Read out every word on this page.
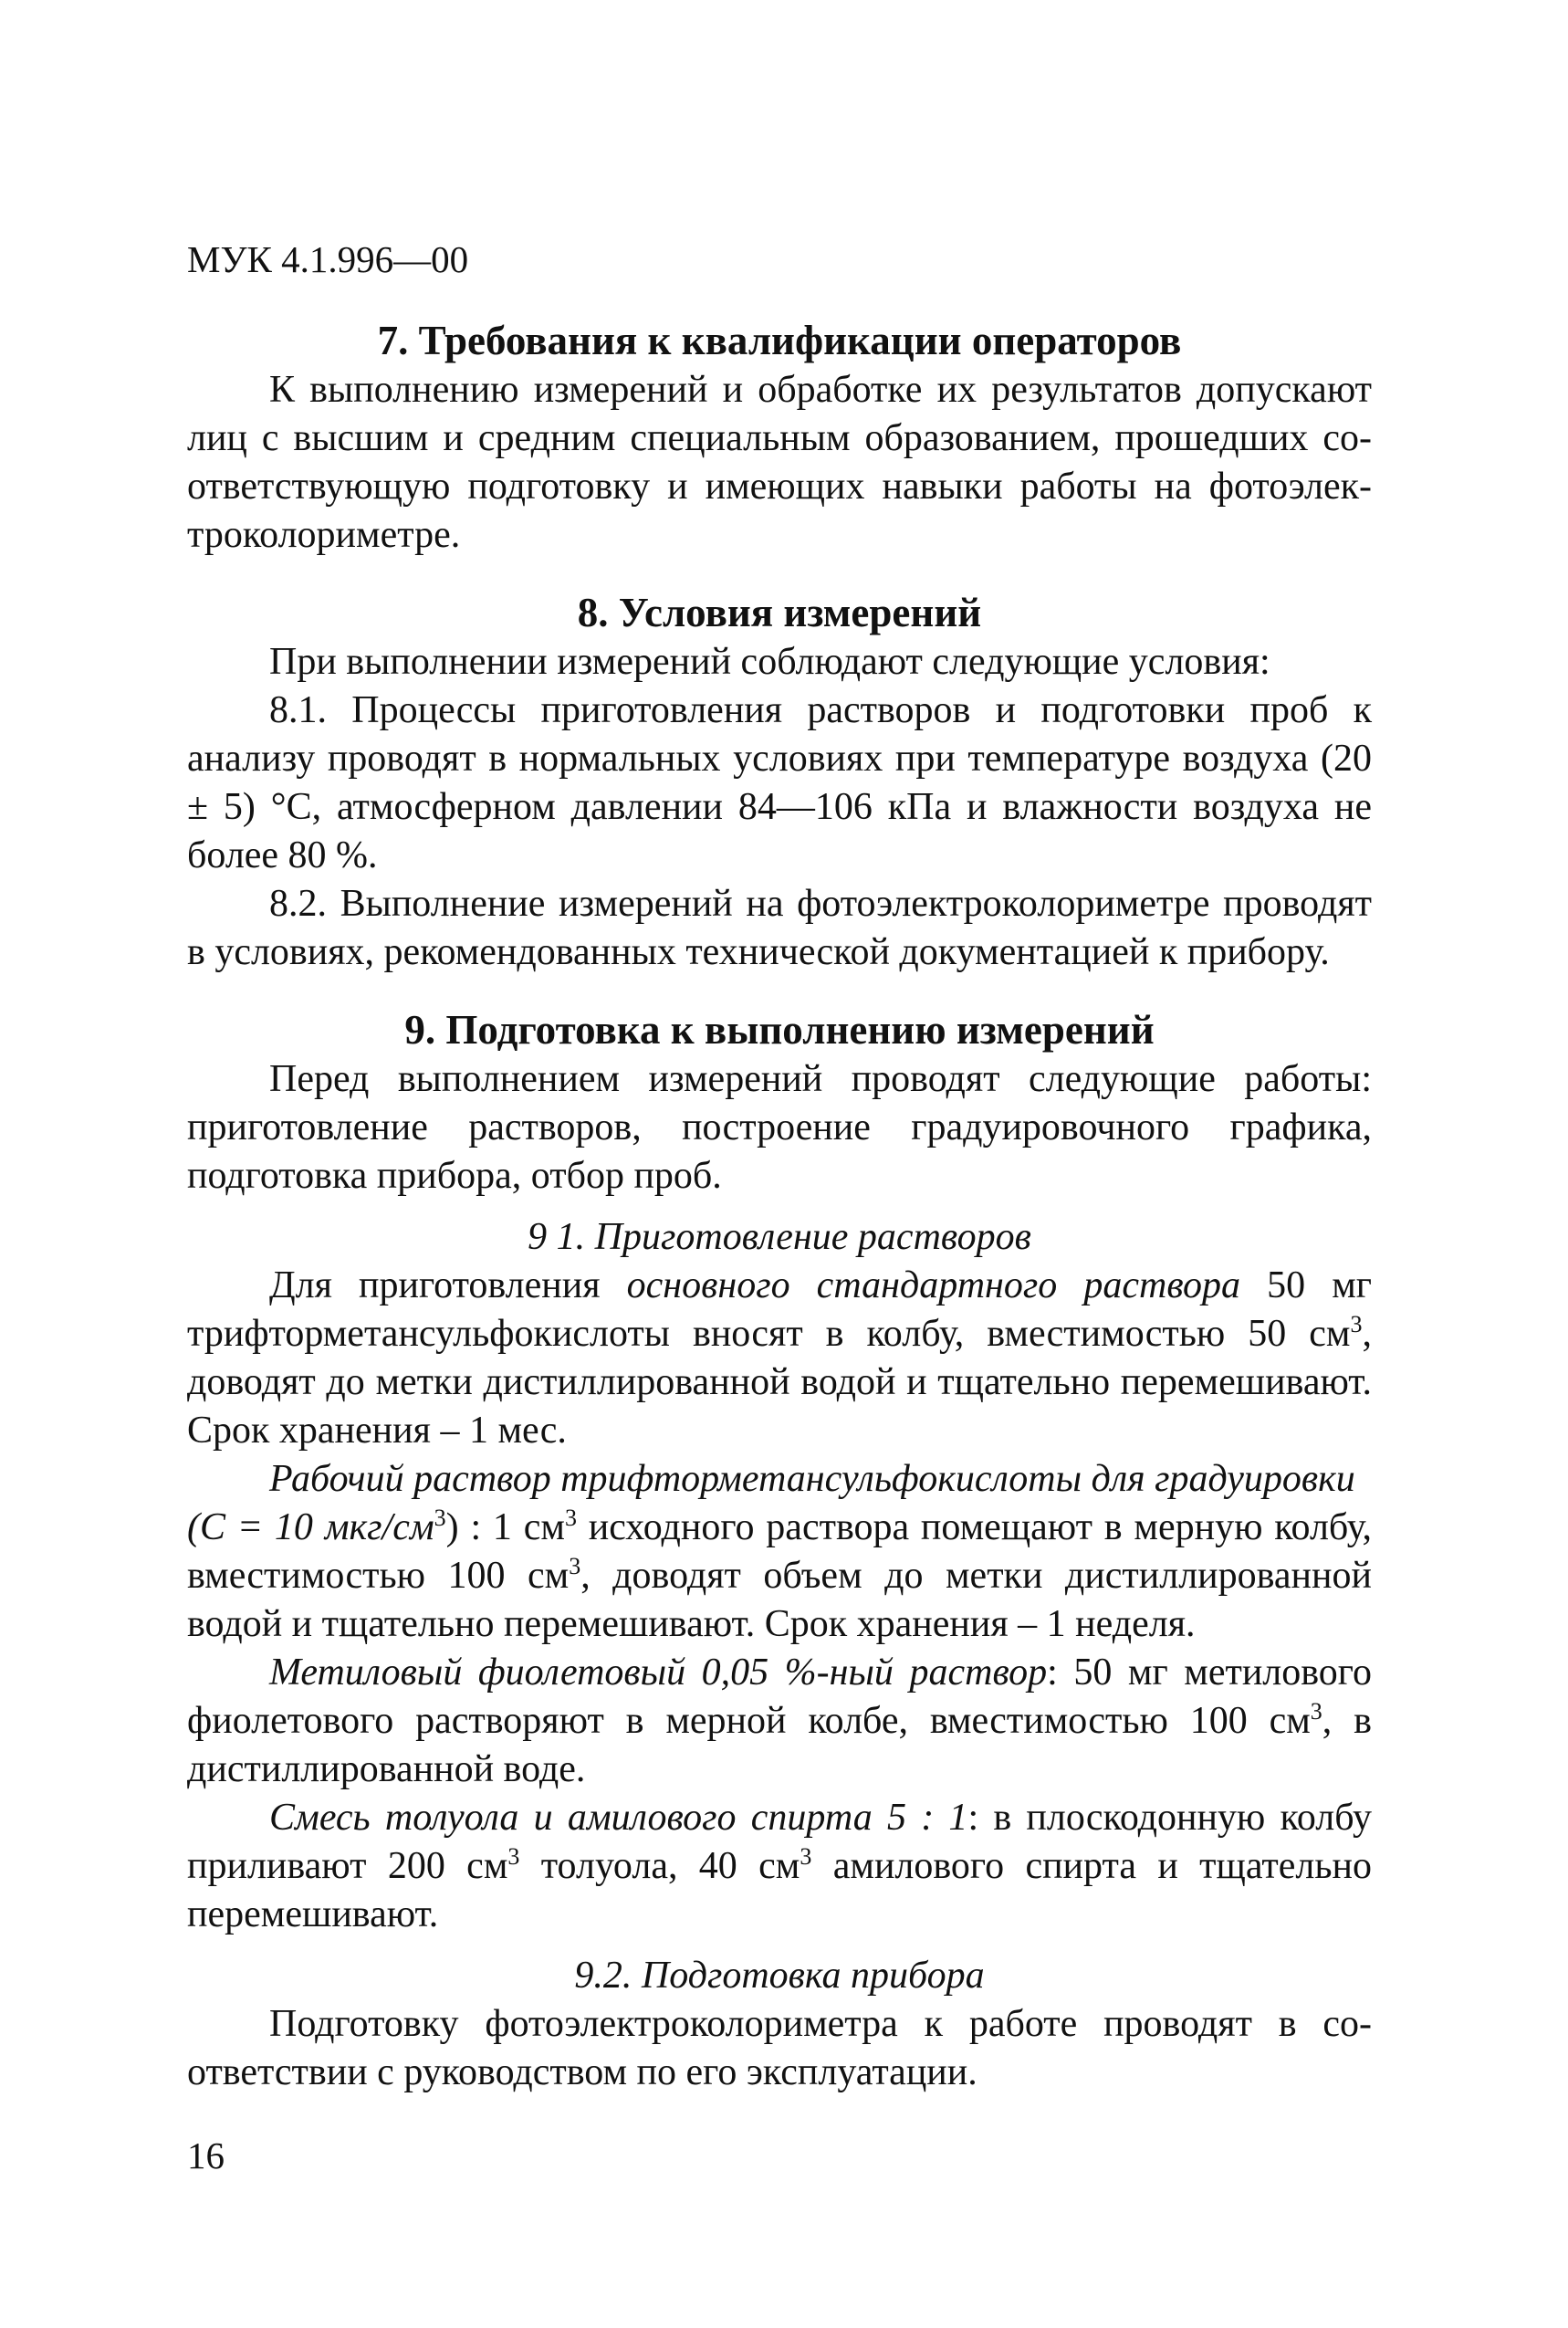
МУК 4.1.996—00
7. Требования к квалификации операторов

К выполнению измерений и обработке их результатов допускают лиц с высшим и средним специальным образованием, прошедших соответствующую подготовку и имеющих навыки работы на фотоэлектроколориметре.

8. Условия измерений

При выполнении измерений соблюдают следующие условия:

8.1. Процессы приготовления растворов и подготовки проб к анализу проводят в нормальных условиях при температуре воздуха (20 ± 5) °С, атмосферном давлении 84—106 кПа и влажности воздуха не более 80 %.

8.2. Выполнение измерений на фотоэлектроколориметре проводят в условиях, рекомендованных технической документацией к прибору.

9. Подготовка к выполнению измерений

Перед выполнением измерений проводят следующие работы: приготовление растворов, построение градуировочного графика, подготовка прибора, отбор проб.

9 1. Приготовление растворов

Для приготовления основного стандартного раствора 50 мг трифторметансульфокислоты вносят в колбу, вместимостью 50 $см^3$, доводят до метки дистиллированной водой и тщательно перемешивают. Срок хранения – 1 мес.

Рабочий раствор трифторметансульфокислоты для градуировки
(С = 10 мкг/$см^3$) : 1 $см^3$ исходного раствора помещают в мерную колбу, вместимостью 100 $см^3$, доводят объем до метки дистиллированной водой и тщательно перемешивают. Срок хранения – 1 неделя.

Метиловый фиолетовый 0,05 %-ный раствор: 50 мг метилового фиолетового растворяют в мерной колбе, вместимостью 100 $см^3$, в дистиллированной воде.

Смесь толуола и амилового спирта 5 : 1: в плоскодонную колбу приливают 200 $см^3$ толуола, 40 $см^3$ амилового спирта и тщательно перемешивают.

9.2. Подготовка прибора

Подготовку фотоэлектроколориметра к работе проводят в соответствии с руководством по его эксплуатации.

16
